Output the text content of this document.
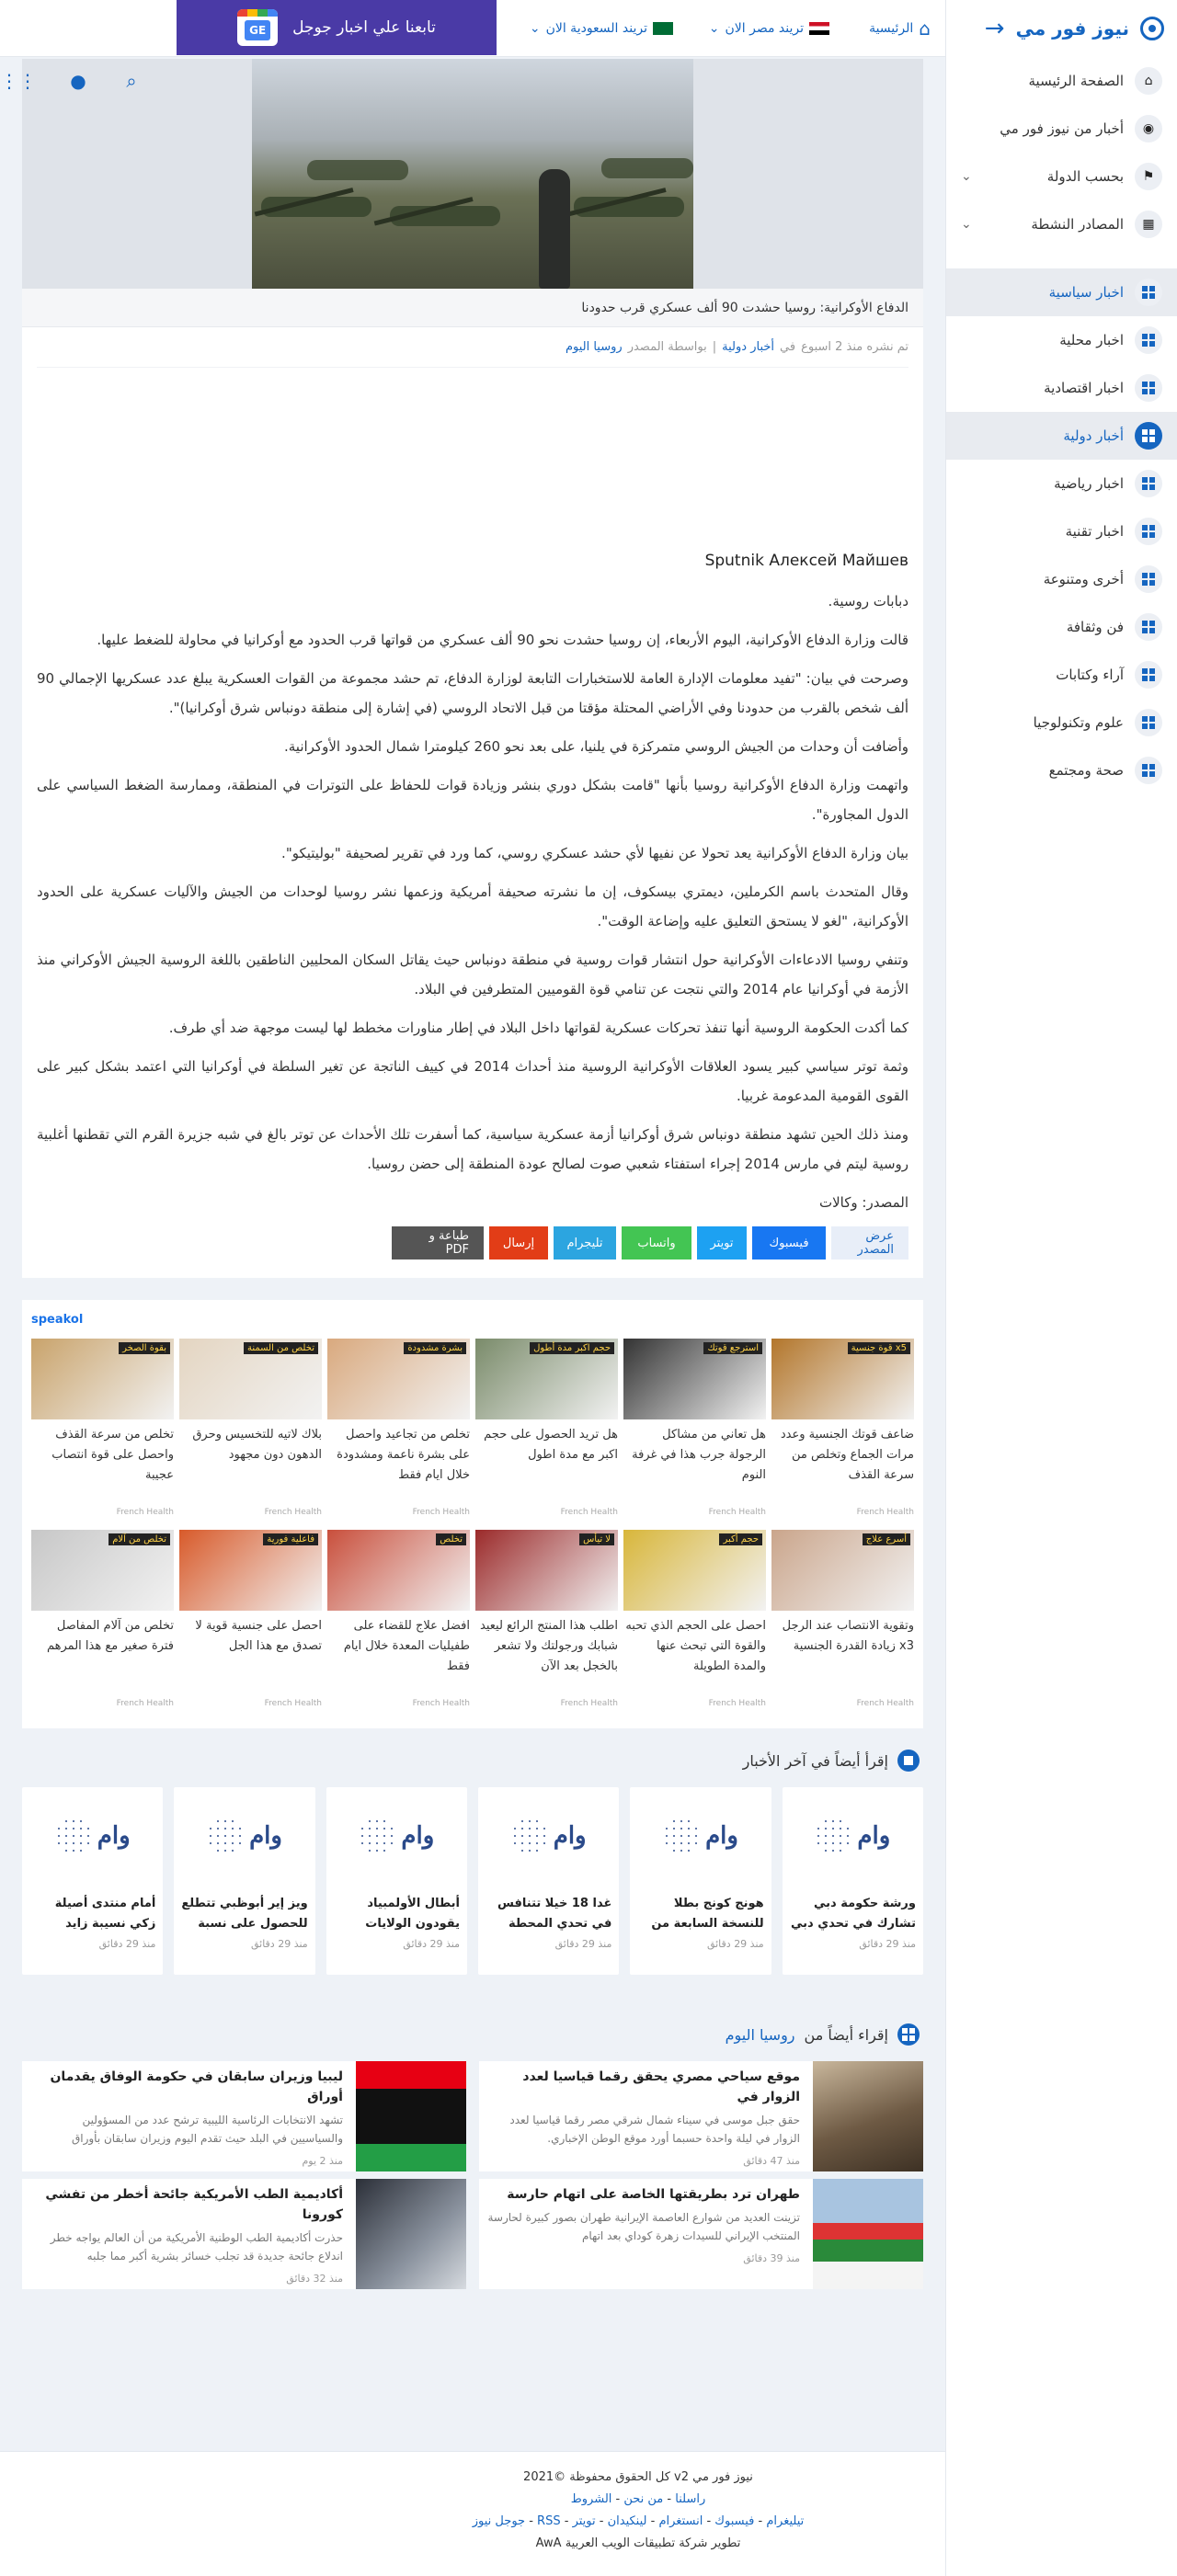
نيوز فور مي
→
⌂
الصفحة الرئيسية
◉
أخبار من نيوز فور مي
⚑
بحسب الدولة
⌄
▦
المصادر النشطة
⌄
اخبار سياسية
اخبار محلية
اخبار اقتصادية
أخبار دولية
اخبار رياضية
اخبار تقنية
أخرى ومتنوعة
فن وثقافة
آراء وكتابات
علوم وتكنولوجيا
صحة ومجتمع
⌂
الرئيسية
تريند مصر الان
⌄
تريند السعودية الان
⌄
تابعنا علي اخبار جوجل
GE
⌕
●
⋮⋮
الدفاع الأوكرانية: روسيا حشدت 90 ألف عسكري قرب حدودنا
تم نشره منذ 2 اسبوع
في
أخبار دولية
|
بواسطة المصدر
روسيا اليوم

Sputnik Алексей Майшев

دبابات روسية.

قالت وزارة الدفاع الأوكرانية، اليوم الأربعاء، إن روسيا حشدت نحو 90 ألف عسكري من قواتها قرب الحدود مع أوكرانيا في محاولة للضغط عليها.

وصرحت في بيان: "تفيد معلومات الإدارة العامة للاستخبارات التابعة لوزارة الدفاع، تم حشد مجموعة من القوات العسكرية يبلغ عدد عسكريها الإجمالي 90 ألف شخص بالقرب من حدودنا وفي الأراضي المحتلة مؤقتا من قبل الاتحاد الروسي (في إشارة إلى منطقة دونباس شرق أوكرانيا)".

وأضافت أن وحدات من الجيش الروسي متمركزة في يلنيا، على بعد نحو 260 كيلومترا شمال الحدود الأوكرانية.

واتهمت وزارة الدفاع الأوكرانية روسيا بأنها "قامت بشكل دوري بنشر وزيادة قوات للحفاظ على التوترات في المنطقة، وممارسة الضغط السياسي على الدول المجاورة".

بيان وزارة الدفاع الأوكرانية يعد تحولا عن نفيها لأي حشد عسكري روسي، كما ورد في تقرير لصحيفة "بوليتيكو".

وقال المتحدث باسم الكرملين، ديمتري بيسكوف، إن ما نشرته صحيفة أمريكية وزعمها نشر روسيا لوحدات من الجيش والآليات عسكرية على الحدود الأوكرانية، "لغو لا يستحق التعليق عليه وإضاعة الوقت".

وتنفي روسيا الادعاءات الأوكرانية حول انتشار قوات روسية في منطقة دونباس حيث يقاتل السكان المحليين الناطقين باللغة الروسية الجيش الأوكراني منذ الأزمة في أوكرانيا عام 2014 والتي نتجت عن تنامي قوة القوميين المتطرفين في البلاد.

كما أكدت الحكومة الروسية أنها تنفذ تحركات عسكرية لقواتها داخل البلاد في إطار مناورات مخطط لها ليست موجهة ضد أي طرف.

وثمة توتر سياسي كبير يسود العلاقات الأوكرانية الروسية منذ أحداث 2014 في كييف الناتجة عن تغير السلطة في أوكرانيا التي اعتمد بشكل كبير على القوى القومية المدعومة غربيا.

ومنذ ذلك الحين تشهد منطقة دونباس شرق أوكرانيا أزمة عسكرية سياسية، كما أسفرت تلك الأحداث عن توتر بالغ في شبه جزيرة القرم التي تقطنها أغلبية روسية ليتم في مارس 2014 إجراء استفتاء شعبي صوت لصالح عودة المنطقة إلى حضن روسيا.

المصدر: وكالات

عرض المصدر
فيسبوك
تويتر
واتساب
تليجرام
إرسال
طباعة و PDF
speakol
x5 قوة جنسية
ضاعف قوتك الجنسية وعدد مرات الجماع وتخلص من سرعة القذف
French Health
استرجع قوتك
هل تعاني من مشاكل الرجولة جرب هذا في غرفة النوم
French Health
حجم اكبر مدة أطول
هل تريد الحصول على حجم اكبر مع مدة اطول
French Health
بشرة مشدودة
تخلص من تجاعيد واحصل على بشرة ناعمة ومشدودة خلال ايام فقط
French Health
تخلص من السمنة
بلاك لاتيه للتخسيس وحرق الدهون دون مجهود
French Health
بقوة الصخر
تخلص من سرعة القذف واحصل على قوة انتصاب عجيبة
French Health
أسرع علاج
وتقوية الانتصاب عند الرجل x3 زيادة القدرة الجنسية
French Health
حجم أكبر
احصل على الحجم الذي تحبه والقوة التي تبحث عنها والمدة الطويلة
French Health
لا تيأس
اطلب هذا المنتج الرائع ليعيد شبابك ورجولتك ولا تشعر بالخجل بعد الآن
French Health
تخلص
افضل علاج للقضاء على طفيليات المعدة خلال ايام فقط
French Health
فاعلية فورية
احصل على جنسية قوية لا تصدق مع هذا الجل
French Health
تخلص من آلام
تخلص من آلام المفاصل فترة صغير مع هذا المرهم
French Health
إقرأ أيضاً في آخر الأخبار
وام
ورشة حكومة دبي تشارك في تحدي دبي
منذ 29 دقائق
وام
هونج كونج بطلا للنسخة السابعة من
منذ 29 دقائق
وام
غدا 18 خيلا تتنافس في تحدي المحطة
منذ 29 دقائق
وام
أبطال الأولمبياد يقودون الولايات
منذ 29 دقائق
وام
ويز إير أبوظبي تتطلع للحصول على نسبة
منذ 29 دقائق
وام
أمام منتدى أصيلة زكي نسيبة زايد
منذ 29 دقائق
إقراء أيضاً من
روسيا اليوم
موقع سياحي مصري يحقق رقما قياسيا لعدد الزوار في
حقق جبل موسى في سيناء شمال شرقي مصر رقما قياسيا لعدد الزوار في ليلة واحدة حسبما أورد موقع الوطن الإخباري.
منذ 47 دقائق
ليبيا وزيران سابقان في حكومة الوفاق يقدمان أوراق
تشهد الانتخابات الرئاسية الليبية ترشح عدد من المسؤولين والسياسيين في البلد حيث تقدم اليوم وزيران سابقان بأوراق
منذ 2 يوم
طهران ترد بطريقتها الخاصة على اتهام حارسة
تزينت العديد من شوارع العاصمة الإيرانية طهران بصور كبيرة لحارسة المنتخب الإيراني للسيدات زهرة كوداي بعد اتهام
منذ 39 دقائق
أكاديمية الطب الأمريكية جائحة أخطر من تفشي كورونا
حذرت أكاديمية الطب الوطنية الأمريكية من أن العالم يواجه خطر اندلاع جائحة جديدة قد تجلب خسائر بشرية أكبر مما جلبه
منذ 32 دقائق
نيوز فور مي v2 كل الحقوق محفوظة ©2021
راسلنا - من نحن - الشروط
تيليغرام - فيسبوك - انستغرام - لينكيدان - تويتر - RSS - جوجل نيوز
تطوير شركة تطبيقات الويب العربية AwA
